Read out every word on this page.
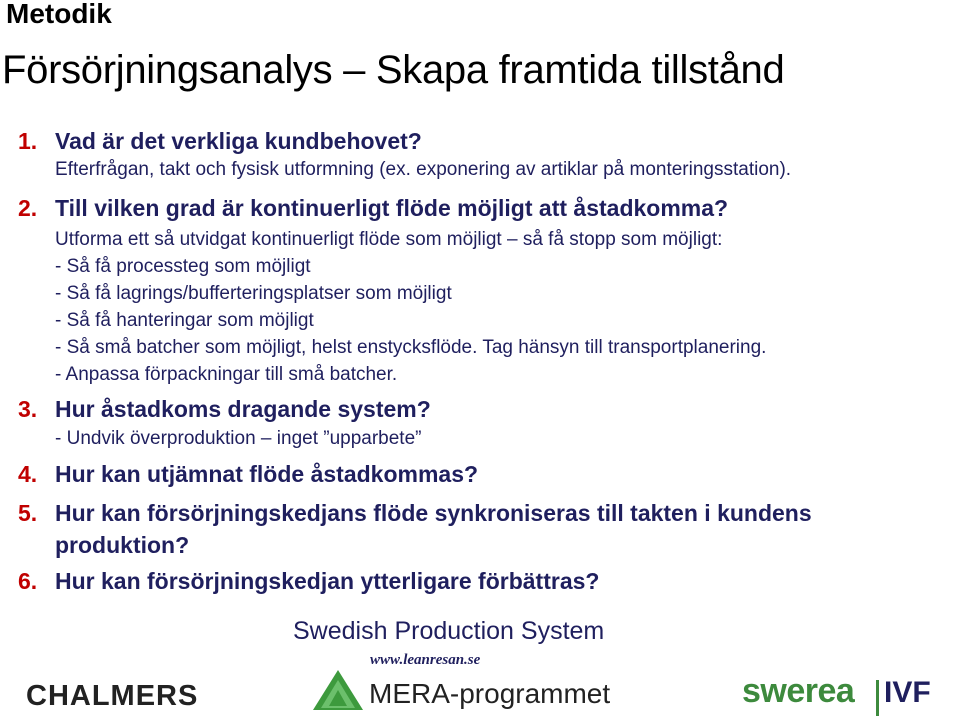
Metodik
Försörjningsanalys – Skapa framtida tillstånd
1. Vad är det verkliga kundbehovet?
Efterfrågan, takt och fysisk utformning (ex. exponering av artiklar på monteringsstation).
2. Till vilken grad är kontinuerligt flöde möjligt att åstadkomma?
Utforma ett så utvidgat kontinuerligt flöde som möjligt – så få stopp som möjligt:
- Så få processteg som möjligt
- Så få lagrings/bufferteringsplatser som möjligt
- Så få hanteringar som möjligt
- Så små batcher som möjligt, helst enstycksflöde. Tag hänsyn till transportplanering.
- Anpassa förpackningar till små batcher.
3. Hur åstadkoms dragande system?
- Undvik överproduktion – inget ”upparbete”
4. Hur kan utjämnat flöde åstadkommas?
5. Hur kan försörjningskedjans flöde synkroniseras till takten i kundens
produktion?
6. Hur kan försörjningskedjan ytterligare förbättras?
Swedish Production System
www.leanresan.se
CHALMERS	MERA-programmet	swerea IVF
